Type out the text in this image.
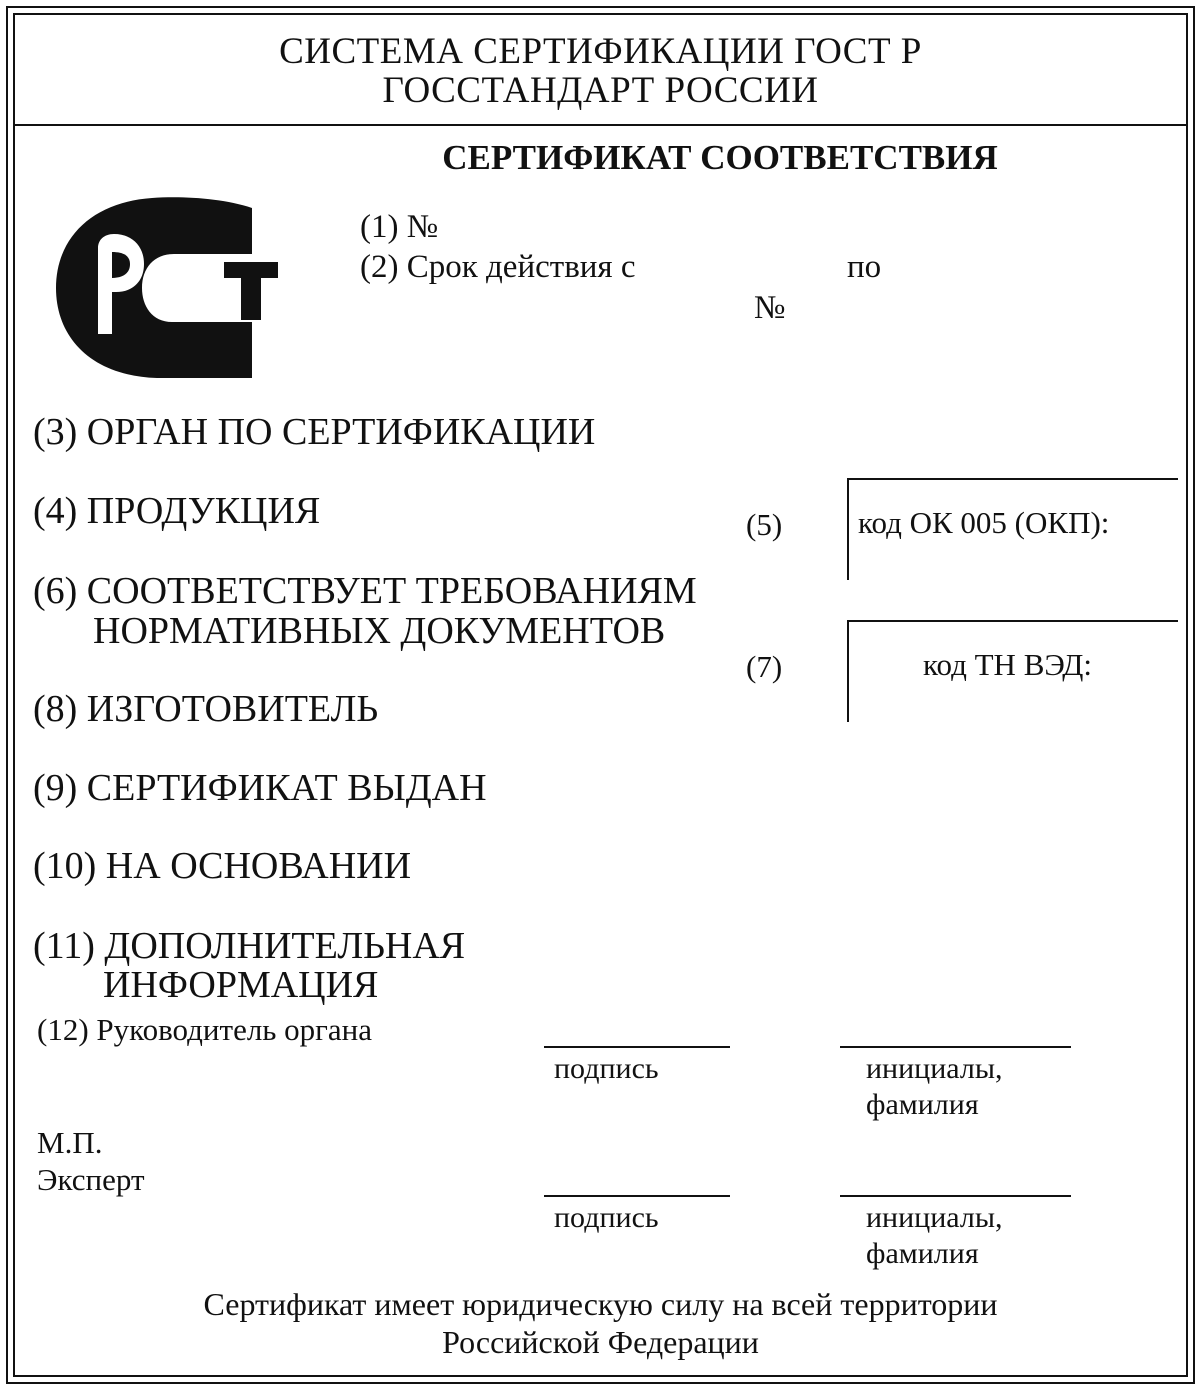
СИСТЕМА СЕРТИФИКАЦИИ ГОСТ Р
ГОССТАНДАРТ РОССИИ
СЕРТИФИКАТ СООТВЕТСТВИЯ
(1) №
(2) Срок действия с	по
№
(3) ОРГАН ПО СЕРТИФИКАЦИИ
(4) ПРОДУКЦИЯ	(5) код ОК 005 (ОКП):
(6) СООТВЕТСТВУЕТ ТРЕБОВАНИЯМ
НОРМАТИВНЫХ ДОКУМЕНТОВ
(7)	код ТН ВЭД:
(8) ИЗГОТОВИТЕЛЬ
(9) СЕРТИФИКАТ ВЫДАН
(10) НА ОСНОВАНИИ
(11) ДОПОЛНИТЕЛЬНАЯ
ИНФОРМАЦИЯ
(12) Руководитель органа
подпись	инициалы,
фамилия
М.П.
Эксперт
подпись	инициалы,
фамилия
Сертификат имеет юридическую силу на всей территории
Российской Федерации
